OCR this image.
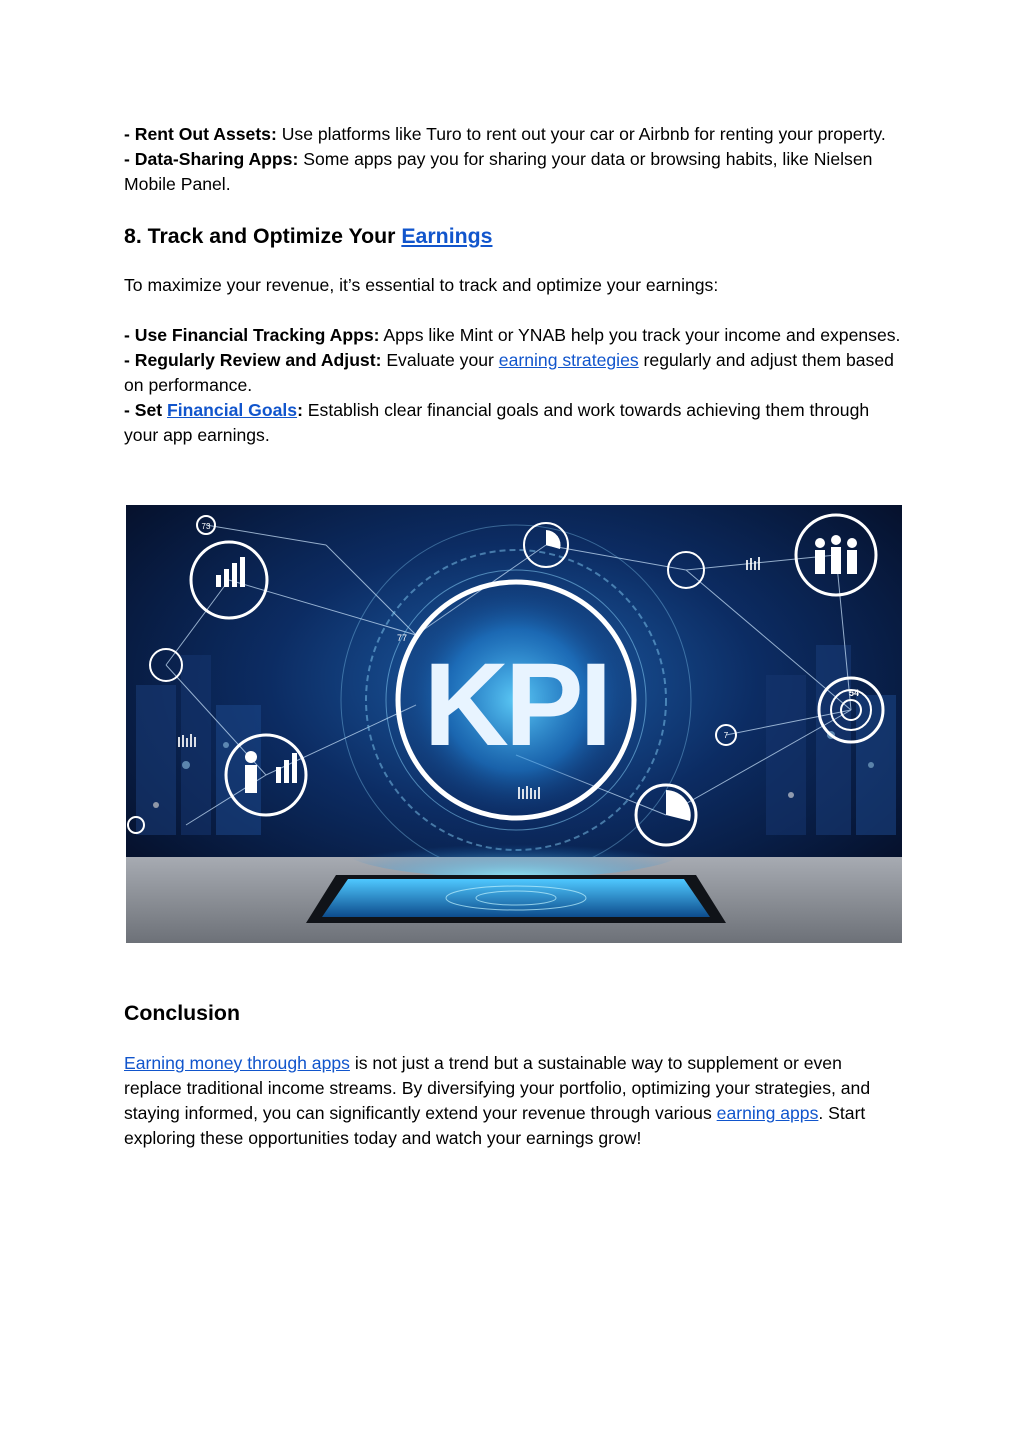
- Rent Out Assets: Use platforms like Turo to rent out your car or Airbnb for renting your property.

- Data-Sharing Apps: Some apps pay you for sharing your data or browsing habits, like Nielsen Mobile Panel.

8. Track and Optimize Your Earnings

To maximize your revenue, it’s essential to track and optimize your earnings:

- Use Financial Tracking Apps: Apps like Mint or YNAB help you track your income and expenses.

- Regularly Review and Adjust: Evaluate your earning strategies regularly and adjust them based on performance.

- Set Financial Goals: Establish clear financial goals and work towards achieving them through your app earnings.

KPI	54
77
73
7
Conclusion

Earning money through apps is not just a trend but a sustainable way to supplement or even replace traditional income streams. By diversifying your portfolio, optimizing your strategies, and staying informed, you can significantly extend your revenue through various earning apps. Start exploring these opportunities today and watch your earnings grow!
